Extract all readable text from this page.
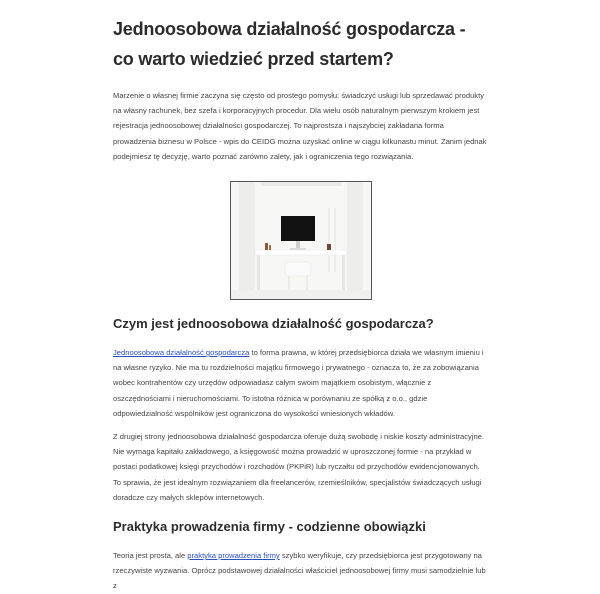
Jednoosobowa działalność gospodarcza - co warto wiedzieć przed startem?

Marzenie o własnej firmie zaczyna się często od prostego pomysłu: świadczyć usługi lub sprzedawać produkty na własny rachunek, bez szefa i korporacyjnych procedur. Dla wielu osób naturalnym pierwszym krokiem jest rejestracja jednoosobowej działalności gospodarczej. To najprostsza i najszybciej zakładana forma prowadzenia biznesu w Polsce - wpis do CEIDG można uzyskać online w ciągu kilkunastu minut. Zanim jednak podejmiesz tę decyzję, warto poznać zarówno zalety, jak i ograniczenia tego rozwiązania.

Czym jest jednoosobowa działalność gospodarcza?

Jednoosobowa działalność gospodarcza to forma prawna, w której przedsiębiorca działa we własnym imieniu i na własne ryzyko. Nie ma tu rozdzielności majątku firmowego i prywatnego - oznacza to, że za zobowiązania wobec kontrahentów czy urzędów odpowiadasz całym swoim majątkiem osobistym, włącznie z oszczędnościami i nieruchomościami. To istotna różnica w porównaniu ze spółką z o.o., gdzie odpowiedzialność wspólników jest ograniczona do wysokości wniesionych wkładów.

Z drugiej strony jednoosobowa działalność gospodarcza oferuje dużą swobodę i niskie koszty administracyjne. Nie wymaga kapitału zakładowego, a księgowość można prowadzić w uproszczonej formie - na przykład w postaci podatkowej księgi przychodów i rozchodów (PKPiR) lub ryczałtu od przychodów ewidencjonowanych. To sprawia, że jest idealnym rozwiązaniem dla freelancerów, rzemieślników, specjalistów świadczących usługi doradcze czy małych sklepów internetowych.

Praktyka prowadzenia firmy - codzienne obowiązki

Teoria jest prosta, ale praktyka prowadzenia firmy szybko weryfikuje, czy przedsiębiorca jest przygotowany na rzeczywiste wyzwania. Oprócz podstawowej działalności właściciel jednoosobowej firmy musi samodzielnie lub z
